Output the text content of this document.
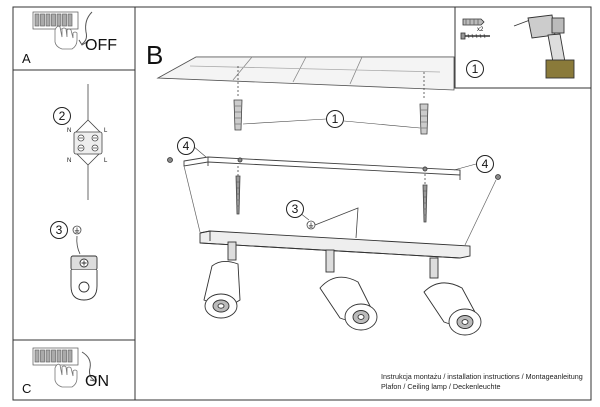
A
OFF B
C	ON
1
1
2
3
3
4
4
N	L
N	L
x2
Instrukcja montażu / installation instructions / Montageanleitung
Plafon / Ceiling lamp / Deckenleuchte
